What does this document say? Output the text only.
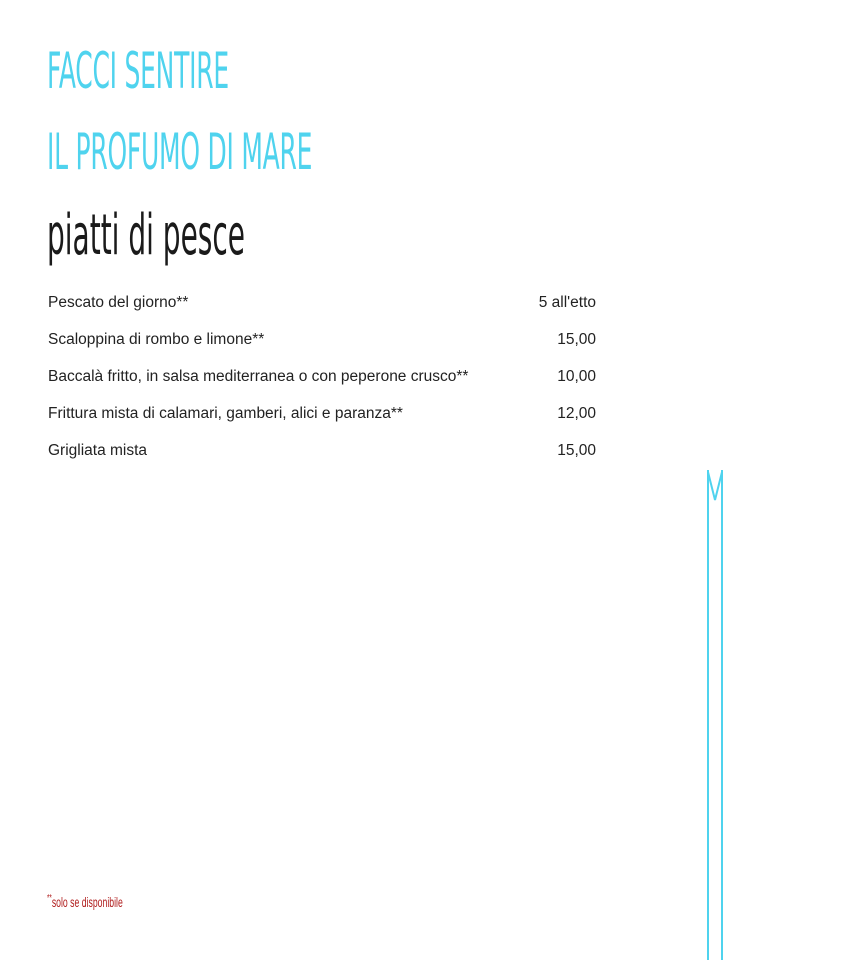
FACCI SENTIRE
IL PROFUMO DI MARE
piatti di pesce
Pescato del giorno**	5 all'etto
Scaloppina di rombo e limone**	15,00
Baccalà fritto, in salsa mediterranea o con peperone crusco**	10,00
Frittura mista di calamari, gamberi, alici e paranza**	12,00
Grigliata mista	15,00
**solo se disponibile
